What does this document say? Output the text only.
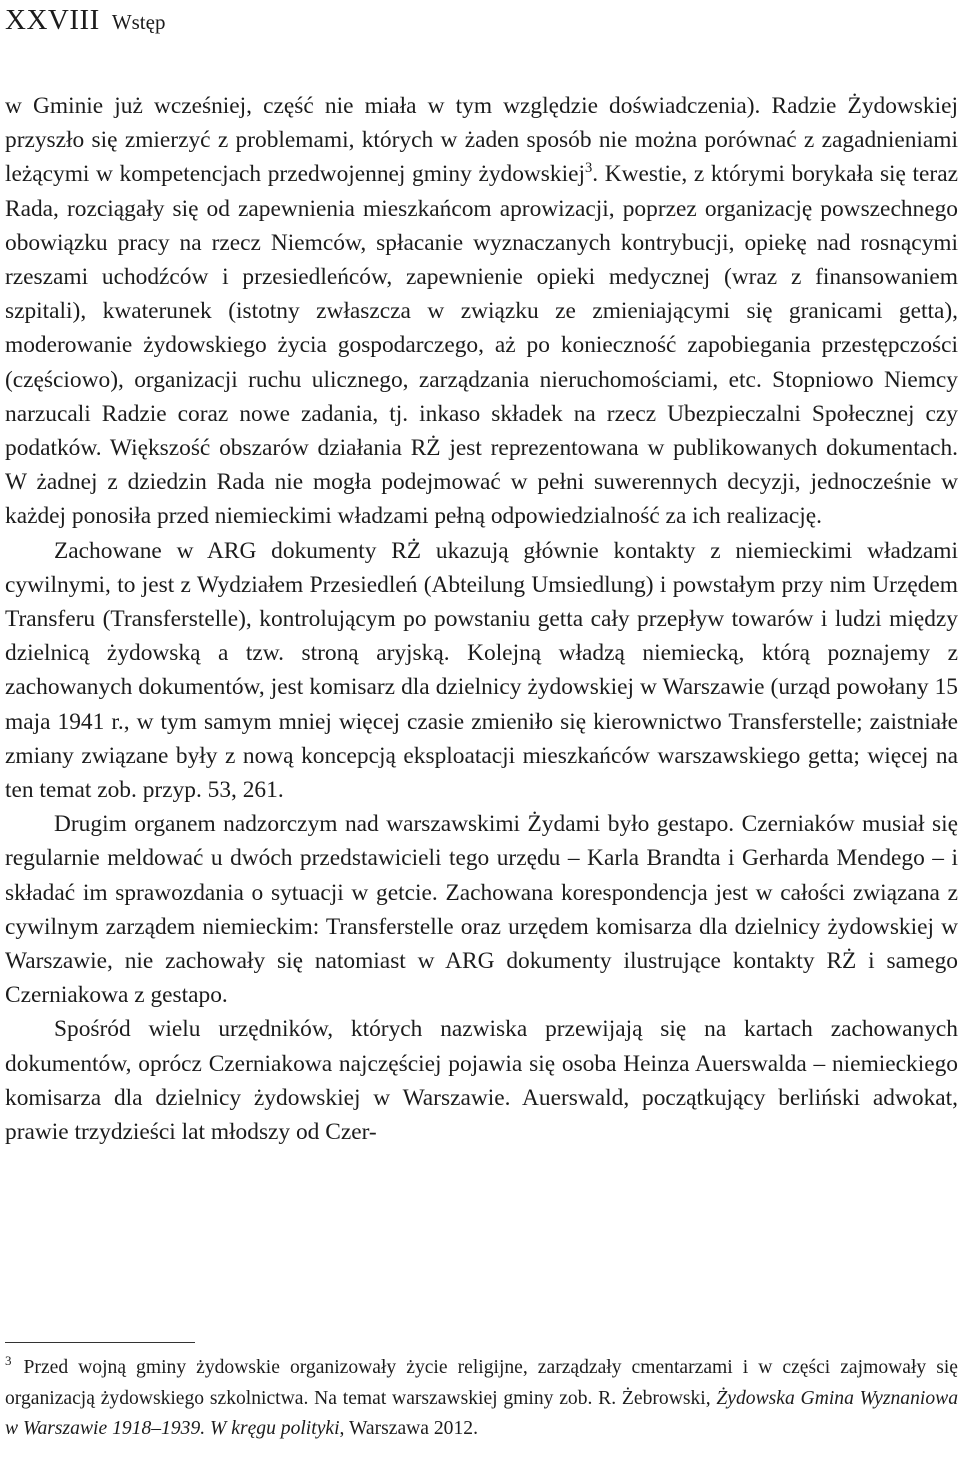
XXVIII Wstęp

w Gminie już wcześniej, część nie miała w tym względzie doświadczenia). Radzie Żydowskiej przyszło się zmierzyć z problemami, których w żaden sposób nie można porównać z zagadnieniami leżącymi w kompetencjach przedwojennej gminy żydowskiej$^3$. Kwestie, z którymi borykała się teraz Rada, rozciągały się od zapewnienia mieszkańcom aprowizacji, poprzez organizację powszechnego obowiązku pracy na rzecz Niemców, spłacanie wyznaczanych kontrybucji, opiekę nad rosnącymi rzeszami uchodźców i przesiedleńców, zapewnienie opieki medycznej (wraz z finansowaniem szpitali), kwaterunek (istotny zwłaszcza w związku ze zmieniającymi się granicami getta), moderowanie żydowskiego życia gospodarczego, aż po konieczność zapobiegania przestępczości (częściowo), organizacji ruchu ulicznego, zarządzania nieruchomościami, etc. Stopniowo Niemcy narzucali Radzie coraz nowe zadania, tj. inkaso składek na rzecz Ubezpieczalni Społecznej czy podatków. Większość obszarów działania RŻ jest reprezentowana w publikowanych dokumentach. W żadnej z dziedzin Rada nie mogła podejmować w pełni suwerennych decyzji, jednocześnie w każdej ponosiła przed niemieckimi władzami pełną odpowiedzialność za ich realizację.

Zachowane w ARG dokumenty RŻ ukazują głównie kontakty z niemieckimi władzami cywilnymi, to jest z Wydziałem Przesiedleń (Abteilung Umsiedlung) i powstałym przy nim Urzędem Transferu (Transferstelle), kontrolującym po powstaniu getta cały przepływ towarów i ludzi między dzielnicą żydowską a tzw. stroną aryjską. Kolejną władzą niemiecką, którą poznajemy z zachowanych dokumentów, jest komisarz dla dzielnicy żydowskiej w Warszawie (urząd powołany 15 maja 1941 r., w tym samym mniej więcej czasie zmieniło się kierownictwo Transferstelle; zaistniałe zmiany związane były z nową koncepcją eksploatacji mieszkańców warszawskiego getta; więcej na ten temat zob. przyp. 53, 261.

Drugim organem nadzorczym nad warszawskimi Żydami było gestapo. Czerniaków musiał się regularnie meldować u dwóch przedstawicieli tego urzędu – Karla Brandta i Gerharda Mendego – i składać im sprawozdania o sytuacji w getcie. Zachowana korespondencja jest w całości związana z cywilnym zarządem niemieckim: Transferstelle oraz urzędem komisarza dla dzielnicy żydowskiej w Warszawie, nie zachowały się natomiast w ARG dokumenty ilustrujące kontakty RŻ i samego Czerniakowa z gestapo.

Spośród wielu urzędników, których nazwiska przewijają się na kartach zachowanych dokumentów, oprócz Czerniakowa najczęściej pojawia się osoba Heinza Auerswalda – niemieckiego komisarza dla dzielnicy żydowskiej w Warszawie. Auerswald, początkujący berliński adwokat, prawie trzydzieści lat młodszy od Czer-

$^3$ Przed wojną gminy żydowskie organizowały życie religijne, zarządzały cmentarzami i w części zajmowały się organizacją żydowskiego szkolnictwa. Na temat warszawskiej gminy zob. R. Żebrowski, Żydowska Gmina Wyznaniowa w Warszawie 1918–1939. W kręgu polityki, Warszawa 2012.
